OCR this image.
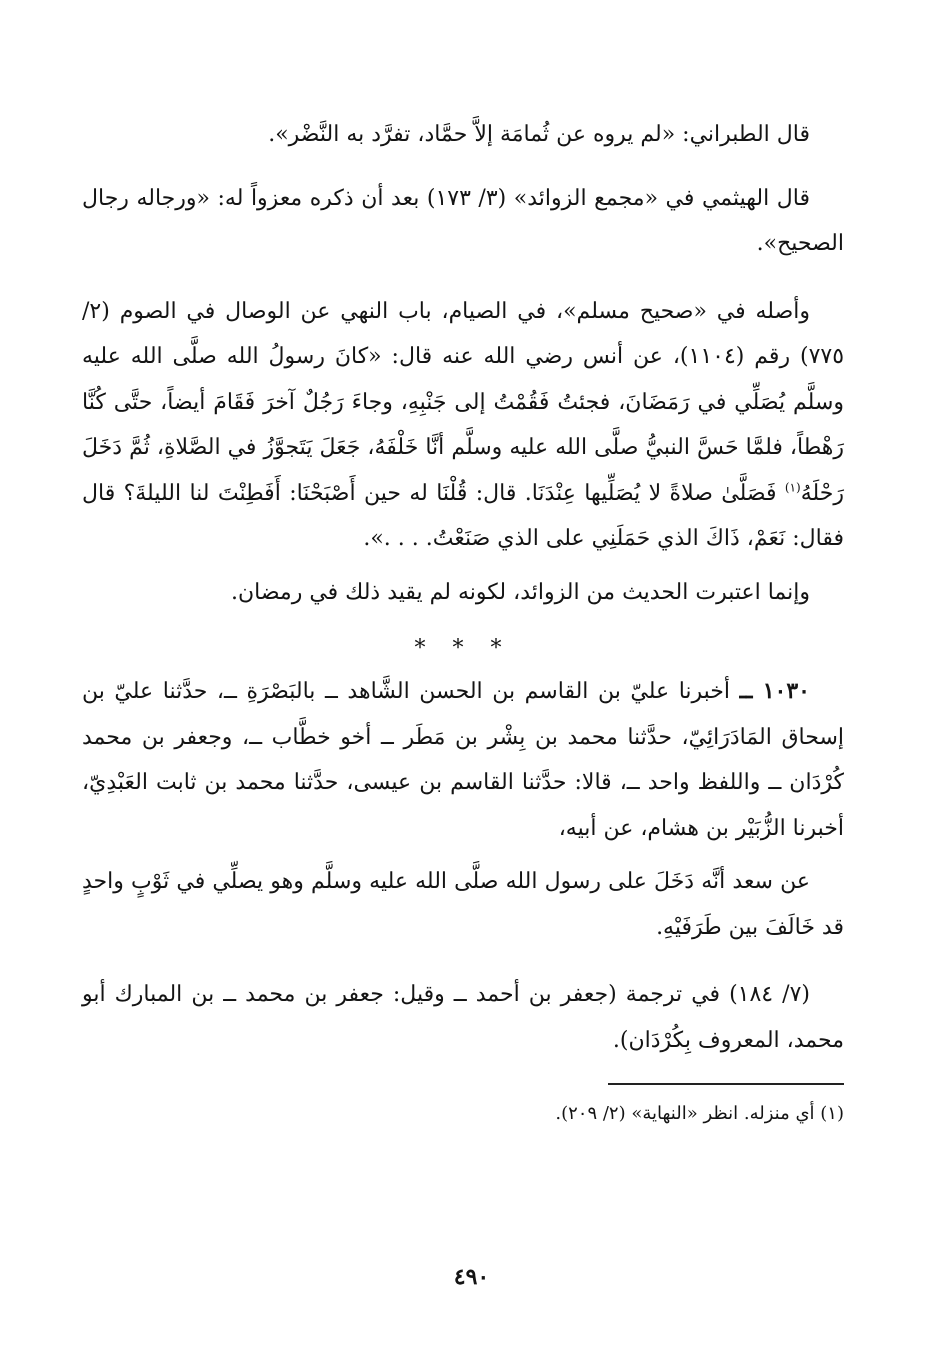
قال الطبراني: «لم يروه عن ثُمامَة إلاَّ حمَّاد، تفرَّد به النَّضْر».

قال الهيثمي في «مجمع الزوائد» (٣/ ١٧٣) بعد أن ذكره معزواً له: «ورجاله رجال الصحيح».

وأصله في «صحيح مسلم»، في الصيام، باب النهي عن الوصال في الصوم (٢/ ٧٧٥) رقم (١١٠٤)، عن أنس رضي الله عنه قال: «كانَ رسولُ الله صلَّى الله عليه وسلَّم يُصَلِّي في رَمَضَانَ، فجئتُ فَقُمْتُ إلى جَنْبِهِ، وجاءَ رَجُلٌ آخرَ فَقَامَ أيضاً، حتَّى كُنَّا رَهْطاً، فلمَّا حَسَّ النبيُّ صلَّى الله عليه وسلَّم أنَّا خَلْفَهُ، جَعَلَ يَتَجوَّزُ في الصَّلاةِ، ثُمَّ دَخَلَ رَحْلَهُ$^{(١)}$ فَصَلَّىٰ صلاةً لا يُصَلِّيها عِنْدَنَا. قال: قُلْنَا له حين أَصْبَحْنَا: أَفَطِنْتَ لنا الليلةَ؟ قال فقال: نَعَمْ، ذَاكَ الذي حَمَلَنِي على الذي صَنَعْتُ. . . .».

وإنما اعتبرت الحديث من الزوائد، لكونه لم يقيد ذلك في رمضان.

* * *

١٠٣٠ ــ أخبرنا عليّ بن القاسم بن الحسن الشَّاهد ــ بالبَصْرَةِ ــ، حدَّثنا عليّ بن إسحاق المَادَرَائِيّ، حدَّثنا محمد بن بِشْر بن مَطَر ــ أخو خطَّاب ــ، وجعفر بن محمد كُرْدَان ــ واللفظ واحد ــ، قالا: حدَّثنا القاسم بن عيسى، حدَّثنا محمد بن ثابت العَبْدِيّ، أخبرنا الزُّبَيْر بن هشام، عن أبيه،

عن سعد أنَّه دَخَلَ على رسول الله صلَّى الله عليه وسلَّم وهو يصلِّي في ثَوْبٍ واحدٍ قد خَالَفَ بين طَرَفَيْهِ.

(٧/ ١٨٤) في ترجمة (جعفر بن أحمد ــ وقيل: جعفر بن محمد ــ بن المبارك أبو محمد، المعروف بِكُرْدَان).

(١) أي منزله. انظر «النهاية» (٢/ ٢٠٩).

٤٩٠
